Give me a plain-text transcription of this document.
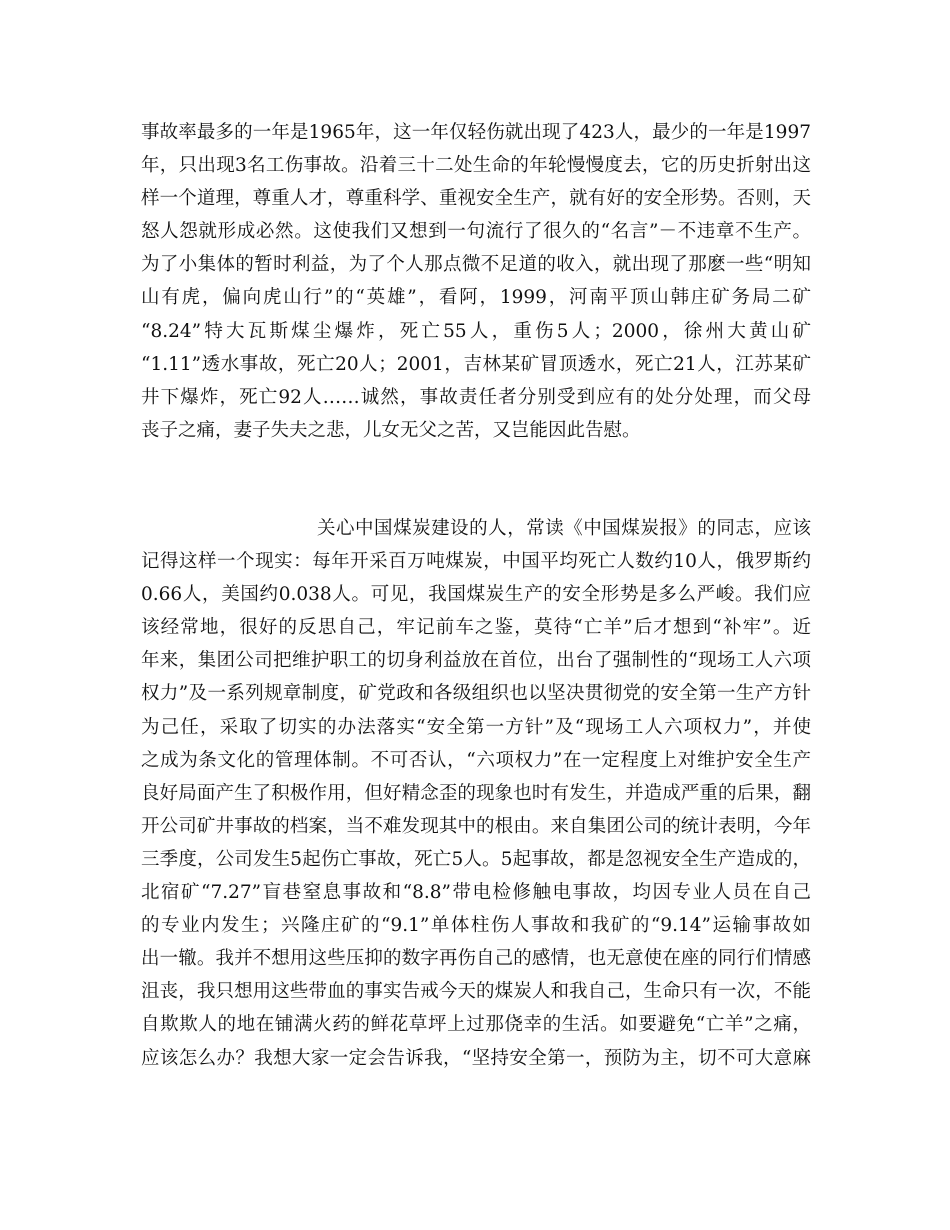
事故率最多的一年是1965年，这一年仅轻伤就出现了423人，最少的一年是1997
年，只出现3名工伤事故。沿着三十二处生命的年轮慢慢度去，它的历史折射出这
样一个道理，尊重人才，尊重科学、重视安全生产，就有好的安全形势。否则，天
怒人怨就形成必然。这使我们又想到一句流行了很久的“名言”－不违章不生产。
为了小集体的暂时利益，为了个人那点微不足道的收入，就出现了那麽一些“明知
山有虎，偏向虎山行”的“英雄”，看阿，1999，河南平顶山韩庄矿务局二矿
“8.24”特大瓦斯煤尘爆炸，死亡55人，重伤5人；2000，徐州大黄山矿
“1.11”透水事故，死亡20人；2001，吉林某矿冒顶透水，死亡21人，江苏某矿
井下爆炸，死亡92人‥‥‥诚然，事故责任者分别受到应有的处分处理，而父母
丧子之痛，妻子失夫之悲，儿女无父之苦，又岂能因此告慰。
关心中国煤炭建设的人，常读《中国煤炭报》的同志，应该
记得这样一个现实：每年开采百万吨煤炭，中国平均死亡人数约10人，俄罗斯约
0.66人，美国约0.038人。可见，我国煤炭生产的安全形势是多么严峻。我们应
该经常地，很好的反思自己，牢记前车之鉴，莫待“亡羊”后才想到“补牢”。近
年来，集团公司把维护职工的切身利益放在首位，出台了强制性的“现场工人六项
权力”及一系列规章制度，矿党政和各级组织也以坚决贯彻党的安全第一生产方针
为己任，采取了切实的办法落实“安全第一方针”及“现场工人六项权力”，并使
之成为条文化的管理体制。不可否认，“六项权力”在一定程度上对维护安全生产
良好局面产生了积极作用，但好精念歪的现象也时有发生，并造成严重的后果，翻
开公司矿井事故的档案，当不难发现其中的根由。来自集团公司的统计表明，今年
三季度，公司发生5起伤亡事故，死亡5人。5起事故，都是忽视安全生产造成的，
北宿矿“7.27”盲巷窒息事故和“8.8”带电检修触电事故，均因专业人员在自己
的专业内发生；兴隆庄矿的“9.1”单体柱伤人事故和我矿的“9.14”运输事故如
出一辙。我并不想用这些压抑的数字再伤自己的感情，也无意使在座的同行们情感
沮丧，我只想用这些带血的事实告戒今天的煤炭人和我自己，生命只有一次，不能
自欺欺人的地在铺满火药的鲜花草坪上过那侥幸的生活。如要避免“亡羊”之痛，
应该怎么办？我想大家一定会告诉我，“坚持安全第一，预防为主，切不可大意麻
